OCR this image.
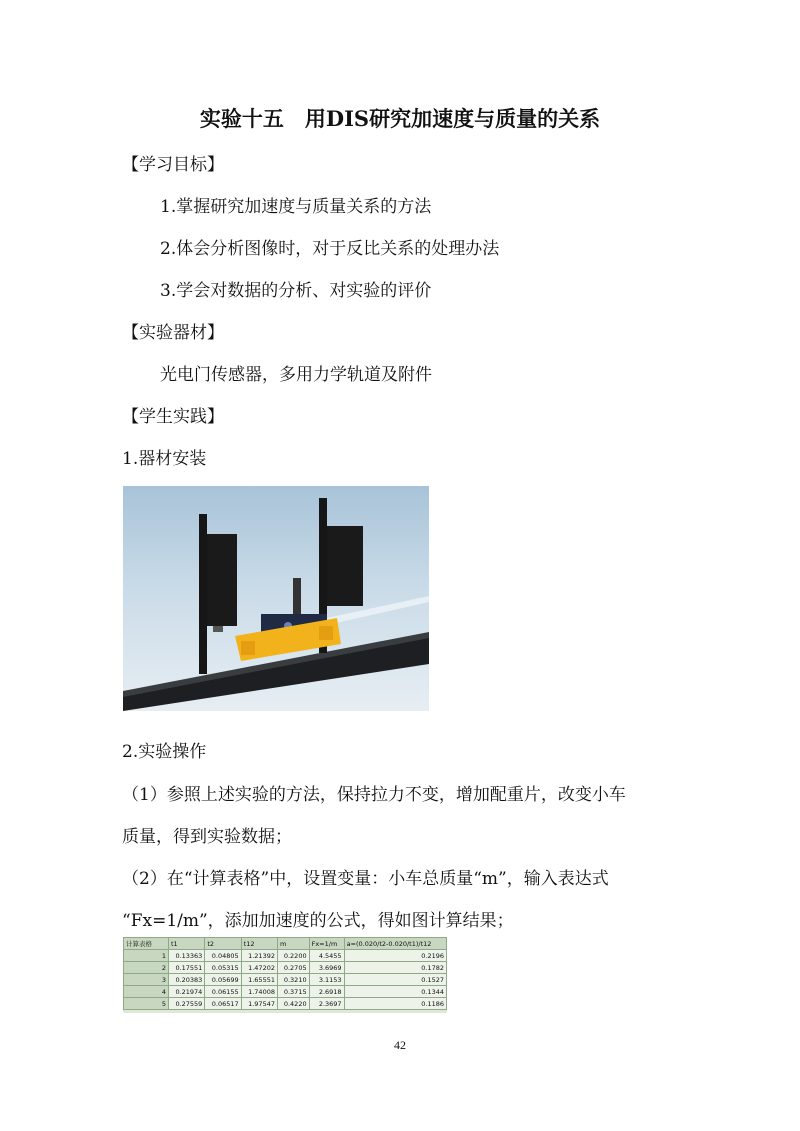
实验十五　用DIS研究加速度与质量的关系
【学习目标】
1.掌握研究加速度与质量关系的方法
2.体会分析图像时，对于反比关系的处理办法
3.学会对数据的分析、对实验的评价
【实验器材】
光电门传感器，多用力学轨道及附件
【学生实践】
1.器材安装
2.实验操作
（1）参照上述实验的方法，保持拉力不变，增加配重片，改变小车
质量，得到实验数据；
（2）在“计算表格”中，设置变量：小车总质量“m”，输入表达式
“Fx=1/m”，添加加速度的公式，得如图计算结果；
计算表格	t1	t2	t12	m	Fx=1/m	a=(0.020/t2-0.020/t1)/t12
1	0.13363	0.04805	1.21392	0.2200	4.5455	0.2196
2	0.17551	0.05315	1.47202	0.2705	3.6969	0.1782
3	0.20383	0.05699	1.65551	0.3210	3.1153	0.1527
4	0.21974	0.06155	1.74008	0.3715	2.6918	0.1344
5	0.27559	0.06517	1.97547	0.4220	2.3697	0.1186
42
